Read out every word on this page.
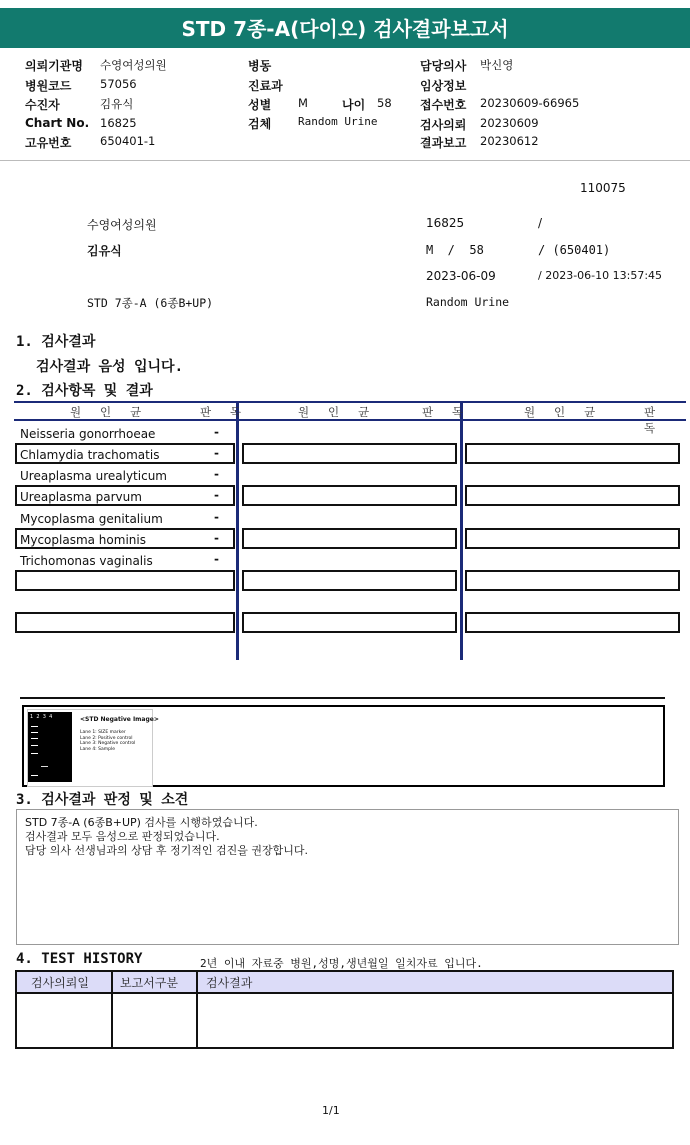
STD 7종-A(다이오) 검사결과보고서
의뢰기관명 수영여성의원
병원코드 57056
수진자	김유식
Chart No. 16825
고유번호 650401-1
병동
진료과
성별 M	나이 58
검체 Random Urine
담당의사 박신영
임상정보
접수번호 20230609-66965
검사의뢰 20230609
결과보고 20230612
110075
수영여성의원	16825	/
김유식	M  /  58	/ (650401)
2023-06-09	/ 2023-06-10 13:57:45
STD 7종-A (6종B+UP)	Random Urine
1. 검사결과
검사결과 음성 입니다.
2. 검사항목 및 결과
원 인 균	판 독	원 인 균	판 독	원 인 균	판 독
Neisseria gonorrhoeae	-
Chlamydia trachomatis	-
Ureaplasma urealyticum	-
Ureaplasma parvum	-
Mycoplasma genitalium	-
Mycoplasma hominis	-
Trichomonas vaginalis	-
1  2  3  4	<STD Negative Image>
Lane 1: SIZE marker
Lane 2: Positive control
Lane 3: Negative control
Lane 4: Sample
3. 검사결과 판정 및 소견
STD 7종-A (6종B+UP) 검사를 시행하였습니다.
검사결과 모두 음성으로 판정되었습니다.
담당 의사 선생님과의 상담 후 정기적인 검진을 권장합니다.
4. TEST HISTORY	2년 이내 자료중 병원,성명,생년월일 일치자료 입니다.
검사의뢰일	보고서구분 검사결과
1/1
